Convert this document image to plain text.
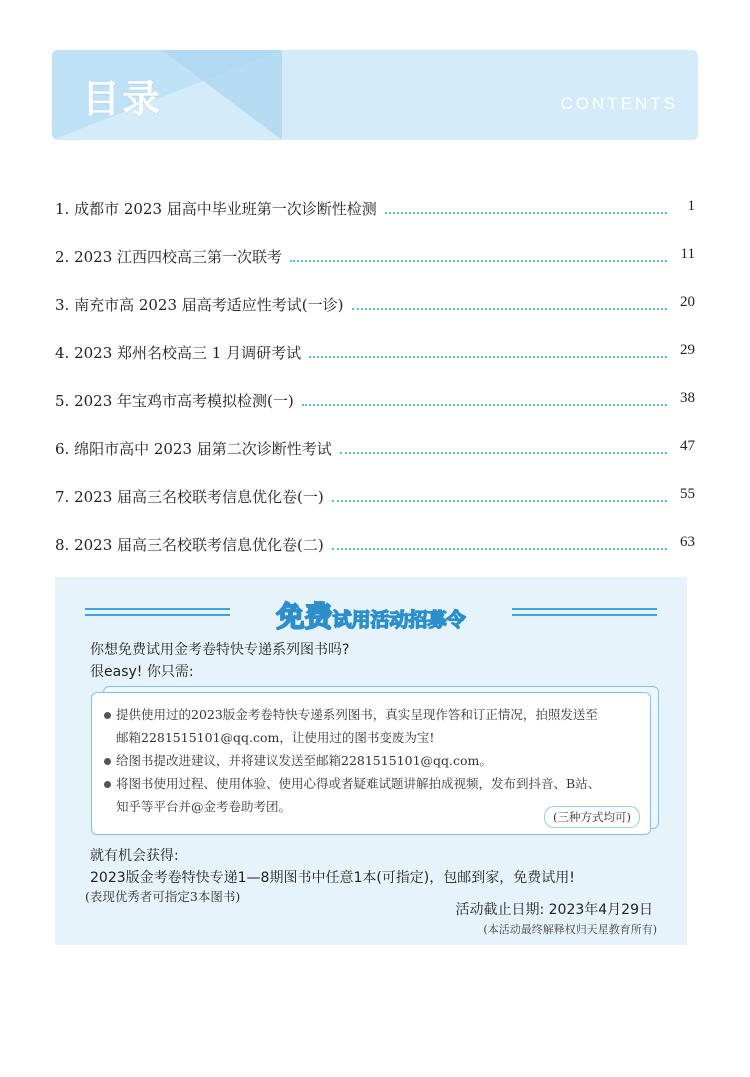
目录	CONTENTS
1. 成都市 2023 届高中毕业班第一次诊断性检测	1
2. 2023 江西四校高三第一次联考	11
3. 南充市高 2023 届高考适应性考试(一诊)	20
4. 2023 郑州名校高三 1 月调研考试	29
5. 2023 年宝鸡市高考模拟检测(一)	38
6. 绵阳市高中 2023 届第二次诊断性考试	47
7. 2023 届高三名校联考信息优化卷(一)	55
8. 2023 届高三名校联考信息优化卷(二)	63
免费试用活动招募令
你想免费试用金考卷特快专递系列图书吗?
很easy! 你只需:
提供使用过的2023版金考卷特快专递系列图书，真实呈现作答和订正情况，拍照发送至
邮箱2281515101@qq.com，让使用过的图书变废为宝!
给图书提改进建议，并将建议发送至邮箱2281515101@qq.com。
将图书使用过程、使用体验、使用心得或者疑难试题讲解拍成视频，发布到抖音、B站、
知乎等平台并@金考卷助考团。
(三种方式均可)
就有机会获得:
2023版金考卷特快专递1—8期图书中任意1本(可指定)，包邮到家，免费试用!
(表现优秀者可指定3本图书)
活动截止日期: 2023年4月29日
(本活动最终解释权归天星教育所有)
